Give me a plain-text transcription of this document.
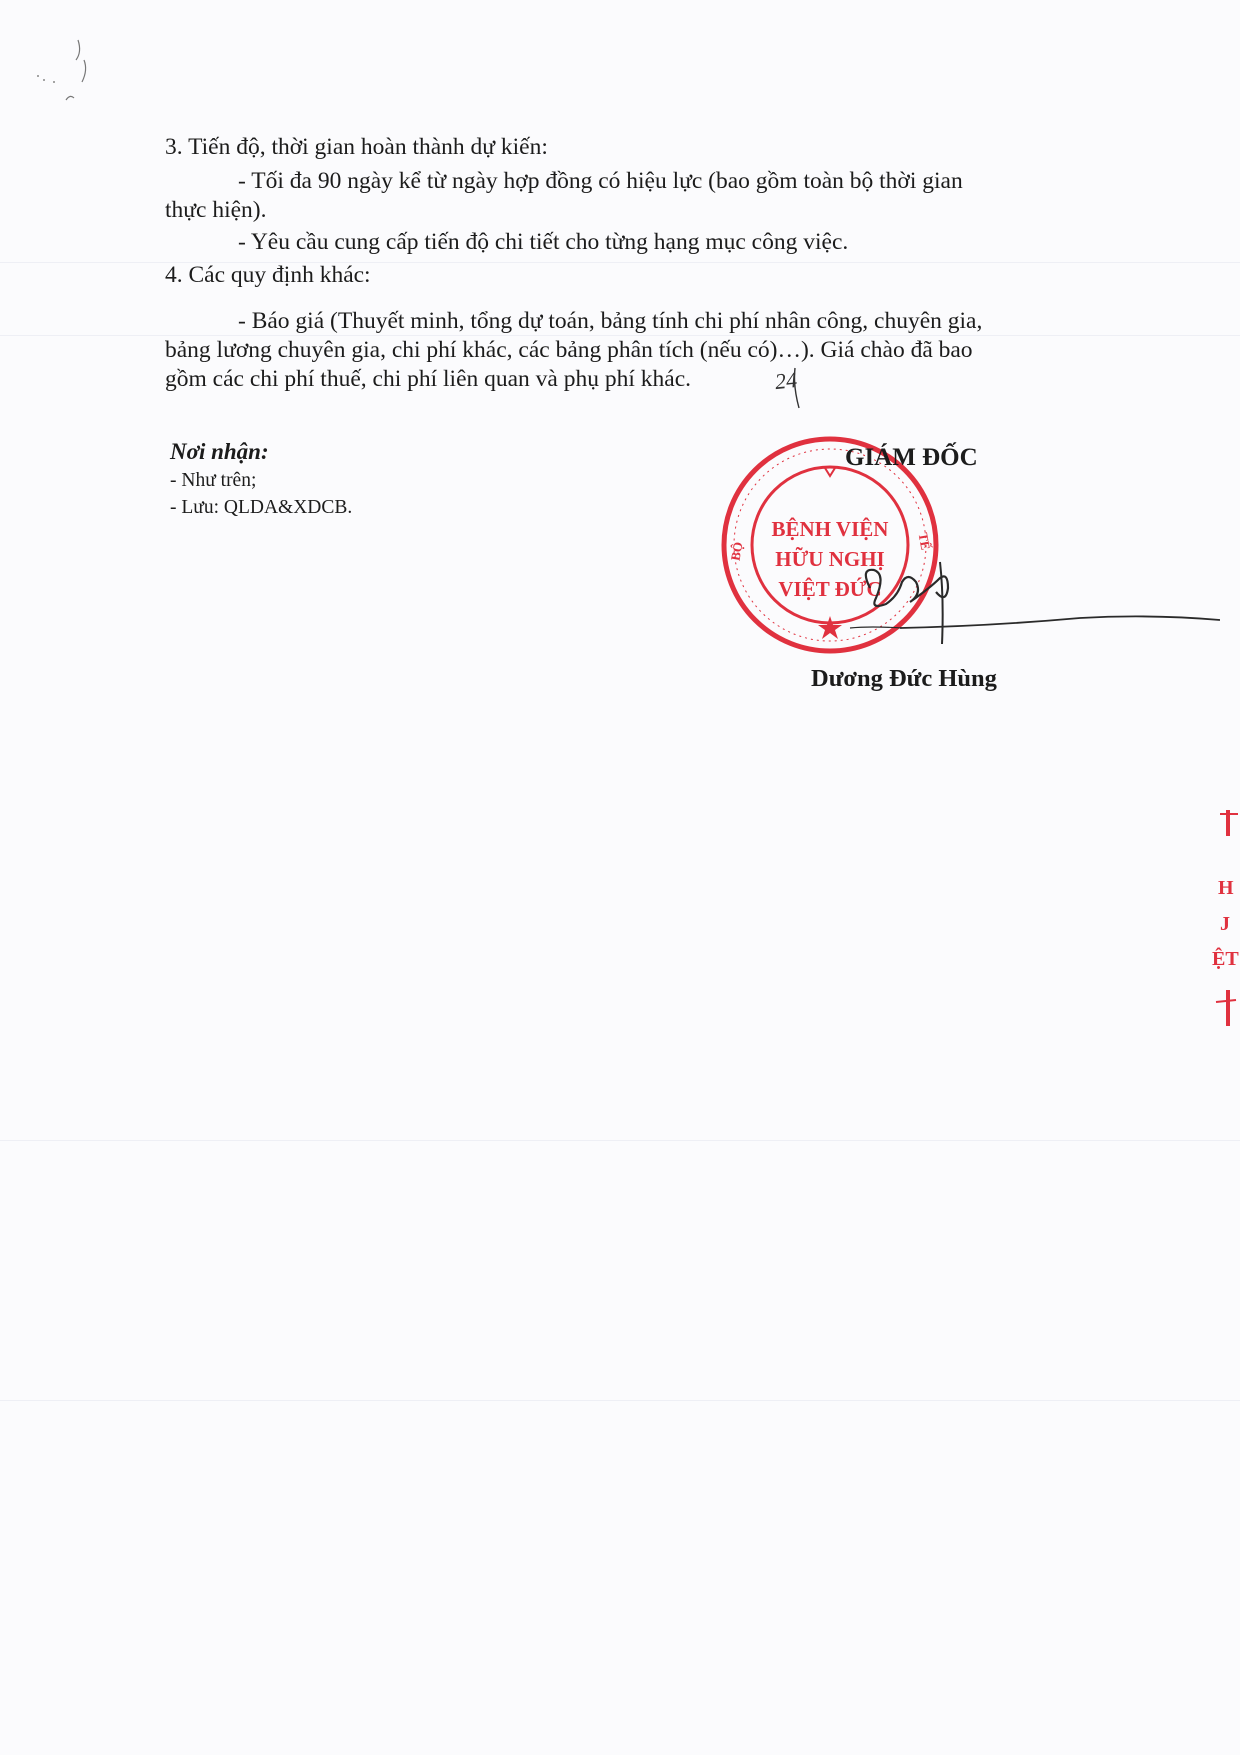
3. Tiến độ, thời gian hoàn thành dự kiến:
- Tối đa 90 ngày kể từ ngày hợp đồng có hiệu lực (bao gồm toàn bộ thời gian
thực hiện).
- Yêu cầu cung cấp tiến độ chi tiết cho từng hạng mục công việc.
4. Các quy định khác:
- Báo giá (Thuyết minh, tổng dự toán, bảng tính chi phí nhân công, chuyên gia,
bảng lương chuyên gia, chi phí khác, các bảng phân tích (nếu có)…). Giá chào đã bao
gồm các chi phí thuế, chi phí liên quan và phụ phí khác.	24
Nơi nhận:
- Như trên;
- Lưu: QLDA&XDCB.
BỆNH VIỆN
HỮU NGHỊ
VIỆT ĐỨC
BỘ	TẾ
GIÁM ĐỐC
Dương Đức Hùng
H
J
ỆT
